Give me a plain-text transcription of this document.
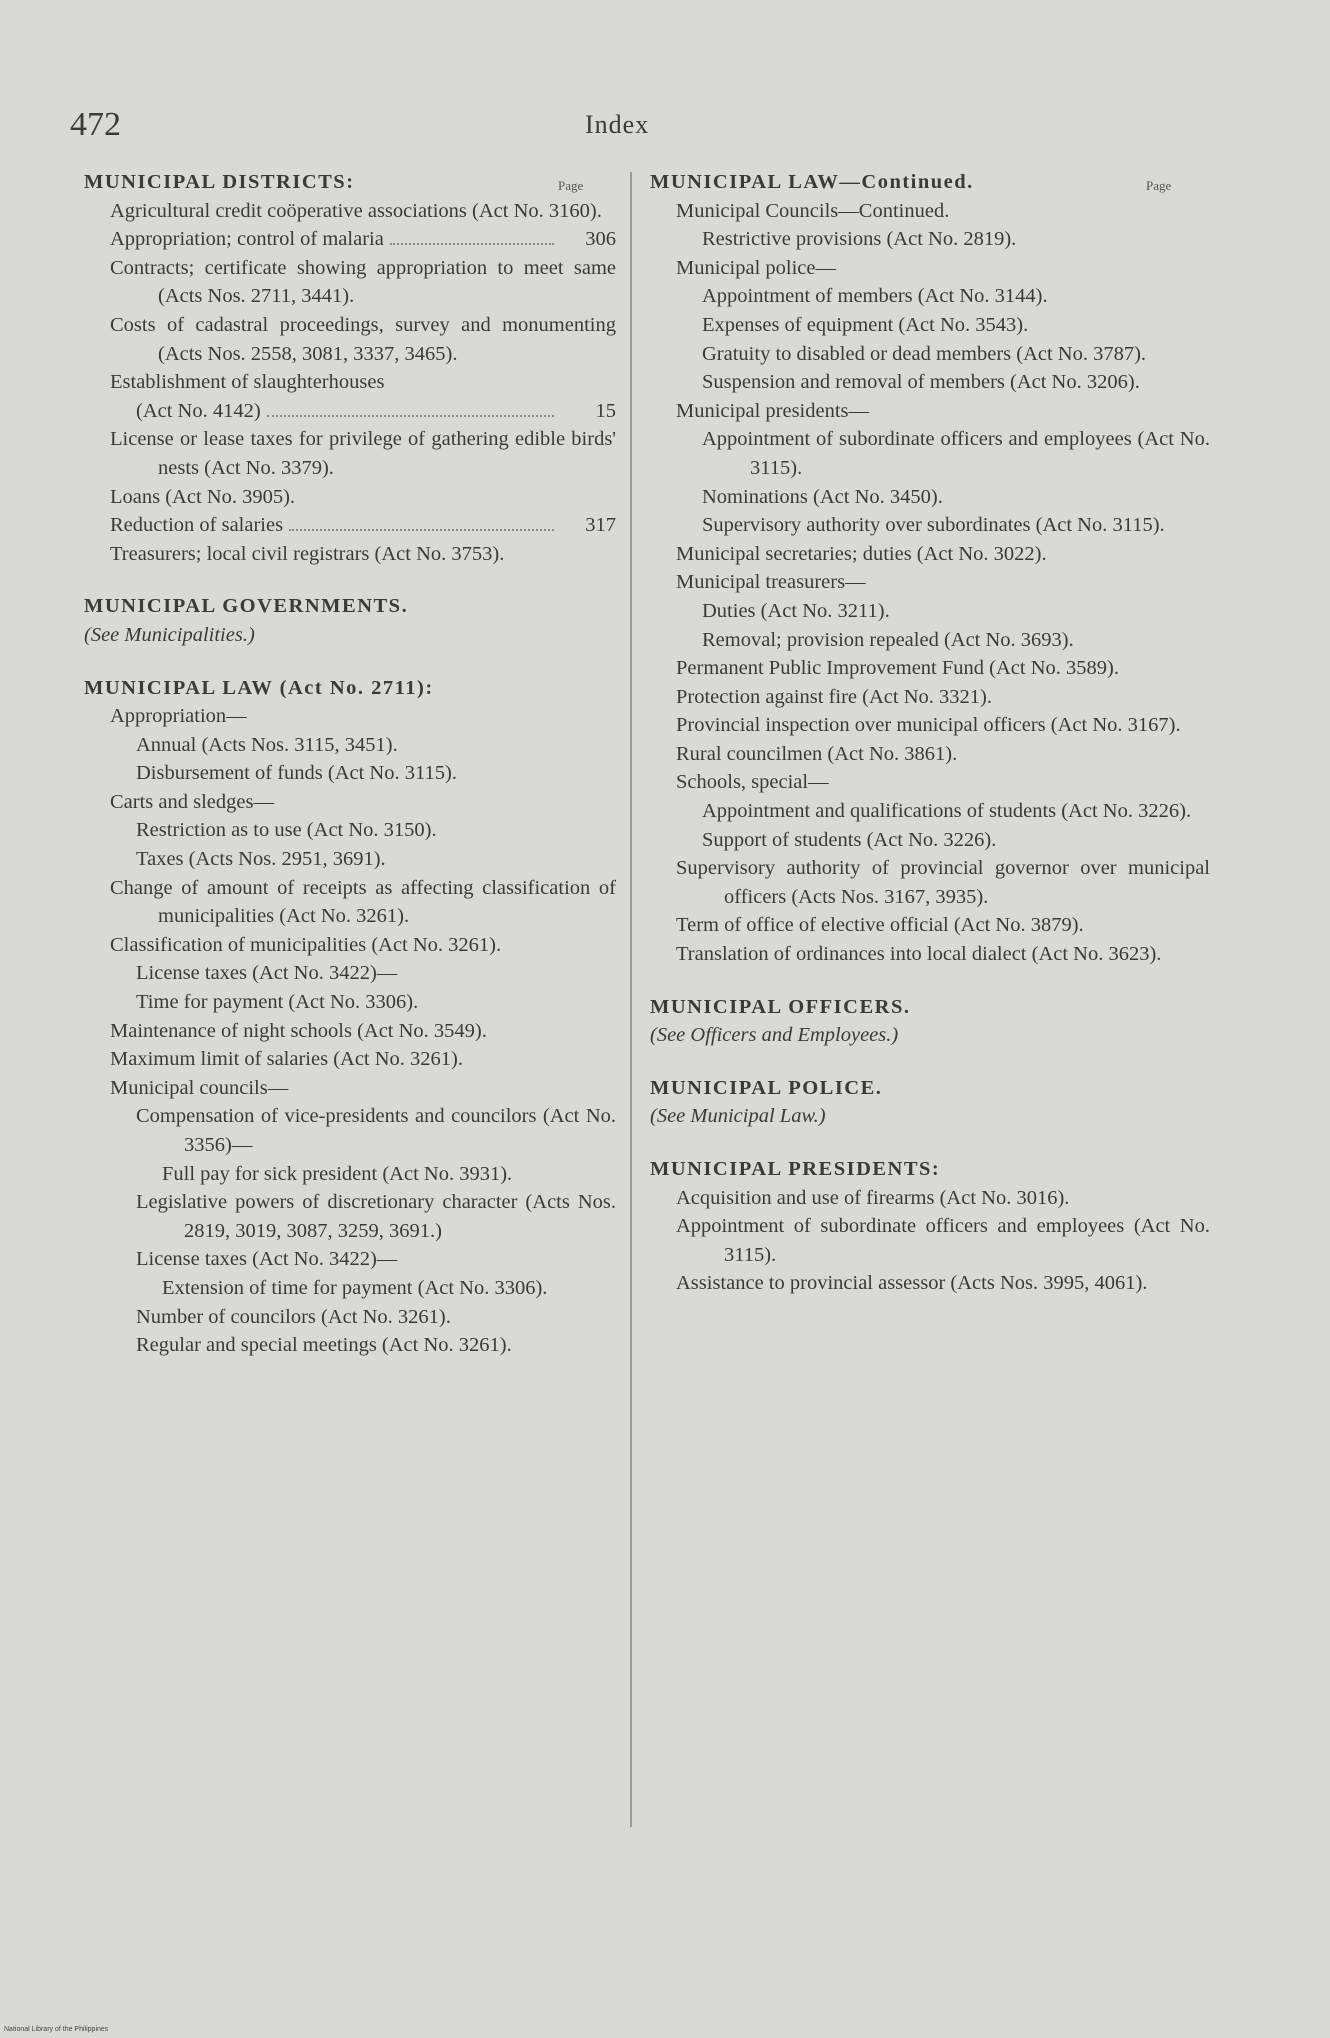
472	Index
Page	Page
MUNICIPAL DISTRICTS:
Agricultural credit coöperative associations (Act No. 3160).
Appropriation; control of malaria	306
Contracts; certificate showing appropriation to meet same (Acts Nos. 2711, 3441).
Costs of cadastral proceedings, survey and monumenting (Acts Nos. 2558, 3081, 3337, 3465).
Establishment of slaughterhouses
(Act No. 4142)	15
License or lease taxes for privilege of gathering edible birds' nests (Act No. 3379).
Loans (Act No. 3905).
Reduction of salaries	317
Treasurers; local civil registrars (Act No. 3753).
MUNICIPAL GOVERNMENTS.
(See Municipalities.)
MUNICIPAL LAW (Act No. 2711):
Appropriation—
Annual (Acts Nos. 3115, 3451).
Disbursement of funds (Act No. 3115).
Carts and sledges—
Restriction as to use (Act No. 3150).
Taxes (Acts Nos. 2951, 3691).
Change of amount of receipts as affecting classification of municipalities (Act No. 3261).
Classification of municipalities (Act No. 3261).
License taxes (Act No. 3422)—
Time for payment (Act No. 3306).
Maintenance of night schools (Act No. 3549).
Maximum limit of salaries (Act No. 3261).
Municipal councils—
Compensation of vice-presidents and councilors (Act No. 3356)—
Full pay for sick president (Act No. 3931).
Legislative powers of discretionary character (Acts Nos. 2819, 3019, 3087, 3259, 3691.)
License taxes (Act No. 3422)—
Extension of time for payment (Act No. 3306).
Number of councilors (Act No. 3261).
Regular and special meetings (Act No. 3261).
MUNICIPAL LAW—Continued.
Municipal Councils—Continued.
Restrictive provisions (Act No. 2819).
Municipal police—
Appointment of members (Act No. 3144).
Expenses of equipment (Act No. 3543).
Gratuity to disabled or dead members (Act No. 3787).
Suspension and removal of members (Act No. 3206).
Municipal presidents—
Appointment of subordinate officers and employees (Act No. 3115).
Nominations (Act No. 3450).
Supervisory authority over subordinates (Act No. 3115).
Municipal secretaries; duties (Act No. 3022).
Municipal treasurers—
Duties (Act No. 3211).
Removal; provision repealed (Act No. 3693).
Permanent Public Improvement Fund (Act No. 3589).
Protection against fire (Act No. 3321).
Provincial inspection over municipal officers (Act No. 3167).
Rural councilmen (Act No. 3861).
Schools, special—
Appointment and qualifications of students (Act No. 3226).
Support of students (Act No. 3226).
Supervisory authority of provincial governor over municipal officers (Acts Nos. 3167, 3935).
Term of office of elective official (Act No. 3879).
Translation of ordinances into local dialect (Act No. 3623).
MUNICIPAL OFFICERS.
(See Officers and Employees.)
MUNICIPAL POLICE.
(See Municipal Law.)
MUNICIPAL PRESIDENTS:
Acquisition and use of firearms (Act No. 3016).
Appointment of subordinate officers and employees (Act No. 3115).
Assistance to provincial assessor (Acts Nos. 3995, 4061).
National Library of the Philippines
